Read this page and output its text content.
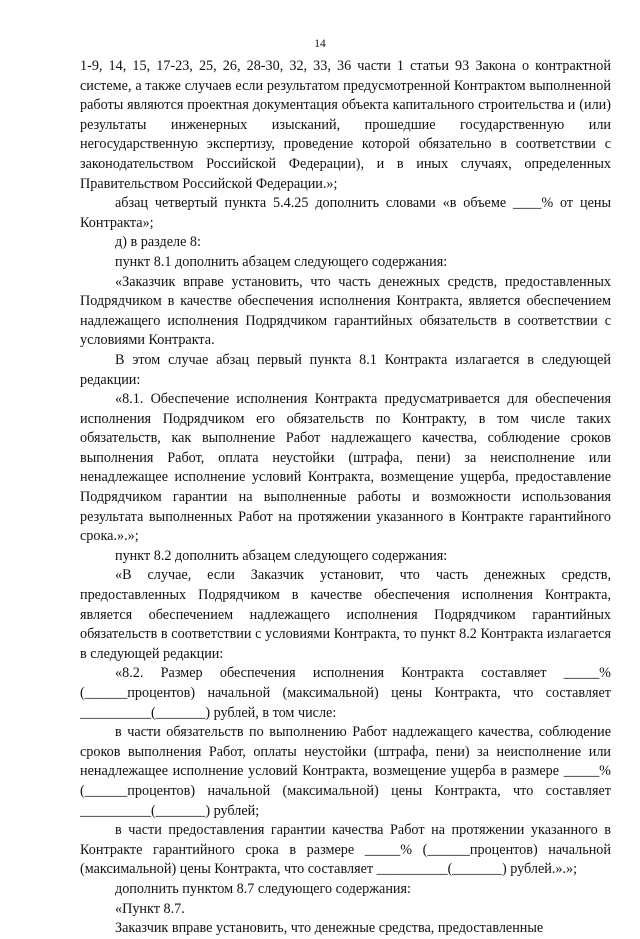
14

1-9, 14, 15, 17-23, 25, 26, 28-30, 32, 33, 36 части 1 статьи 93 Закона о контрактной системе, а также случаев если результатом предусмотренной Контрактом выполненной работы являются проектная документация объекта капитального строительства и (или) результаты инженерных изысканий, прошедшие государственную или негосударственную экспертизу, проведение которой обязательно в соответствии с законодательством Российской Федерации), и в иных случаях, определенных Правительством Российской Федерации.»;

абзац четвертый пункта 5.4.25 дополнить словами «в объеме ____% от цены Контракта»;

д) в разделе 8:

пункт 8.1 дополнить абзацем следующего содержания:

«Заказчик вправе установить, что часть денежных средств, предоставленных Подрядчиком в качестве обеспечения исполнения Контракта, является обеспечением надлежащего исполнения Подрядчиком гарантийных обязательств в соответствии с условиями Контракта.

В этом случае абзац первый пункта 8.1 Контракта излагается в следующей редакции:

«8.1. Обеспечение исполнения Контракта предусматривается для обеспечения исполнения Подрядчиком его обязательств по Контракту, в том числе таких обязательств, как выполнение Работ надлежащего качества, соблюдение сроков выполнения Работ, оплата неустойки (штрафа, пени) за неисполнение или ненадлежащее исполнение условий Контракта, возмещение ущерба, предоставление Подрядчиком гарантии на выполненные работы и возможности использования результата выполненных Работ на протяжении указанного в Контракте гарантийного срока.».»;

пункт 8.2 дополнить абзацем следующего содержания:

«В случае, если Заказчик установит, что часть денежных средств, предоставленных Подрядчиком в качестве обеспечения исполнения Контракта, является обеспечением надлежащего исполнения Подрядчиком гарантийных обязательств в соответствии с условиями Контракта, то пункт 8.2 Контракта излагается в следующей редакции:

«8.2. Размер обеспечения исполнения Контракта составляет _____% (______процентов) начальной (максимальной) цены Контракта, что составляет __________(_______) рублей, в том числе:

в части обязательств по выполнению Работ надлежащего качества, соблюдение сроков выполнения Работ, оплаты неустойки (штрафа, пени) за неисполнение или ненадлежащее исполнение условий Контракта, возмещение ущерба в размере _____% (______процентов) начальной (максимальной) цены Контракта, что составляет __________(_______) рублей;

в части предоставления гарантии качества Работ на протяжении указанного в Контракте гарантийного срока в размере _____% (______процентов) начальной (максимальной) цены Контракта, что составляет __________(_______) рублей.».»;

дополнить пунктом 8.7 следующего содержания:

«Пункт 8.7.

Заказчик вправе установить, что денежные средства, предоставленные
